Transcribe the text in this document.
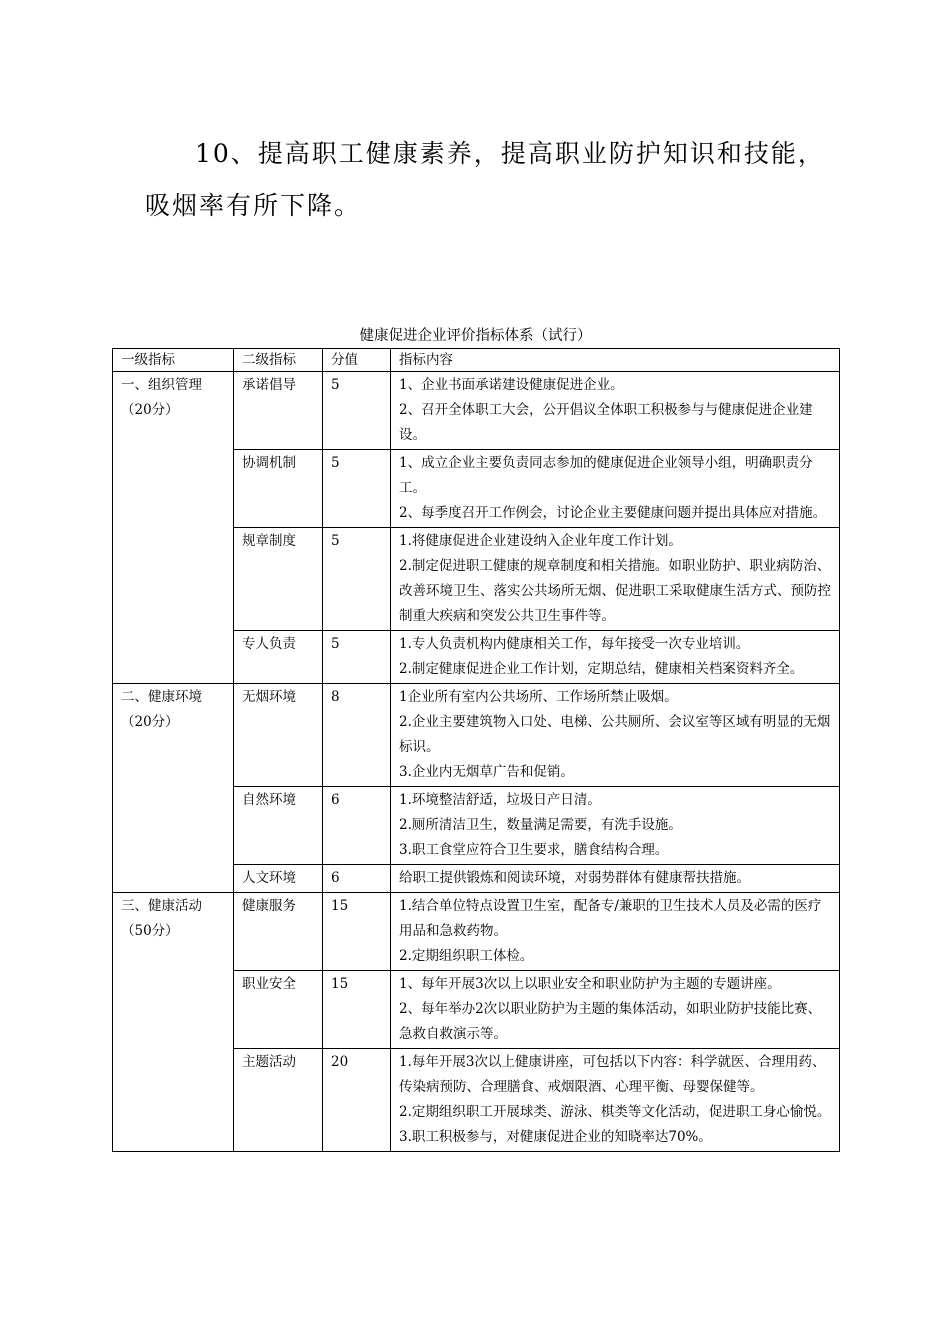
10、提高职工健康素养，提高职业防护知识和技能，吸烟率有所下降。

健康促进企业评价指标体系（试行）

一级指标	二级指标	分值	指标内容
一、组织管理（20分）	承诺倡导	5	1、企业书面承诺建设健康促进企业。
2、召开全体职工大会，公开倡议全体职工积极参与与健康促进企业建设。

	协调机制	5	1、成立企业主要负责同志参加的健康促进企业领导小组，明确职责分工。
2、每季度召开工作例会，讨论企业主要健康问题并提出具体应对措施。

	规章制度	5	1.将健康促进企业建设纳入企业年度工作计划。
2.制定促进职工健康的规章制度和相关措施。如职业防护、职业病防治、改善环境卫生、落实公共场所无烟、促进职工采取健康生活方式、预防控制重大疾病和突发公共卫生事件等。

	专人负责	5	1.专人负责机构内健康相关工作，每年接受一次专业培训。
2.制定健康促进企业工作计划，定期总结，健康相关档案资料齐全。

二、健康环境（20分）	无烟环境	8	1企业所有室内公共场所、工作场所禁止吸烟。
2.企业主要建筑物入口处、电梯、公共厕所、会议室等区域有明显的无烟标识。
3.企业内无烟草广告和促销。

	自然环境	6	1.环境整洁舒适，垃圾日产日清。
2.厕所清洁卫生，数量满足需要，有洗手设施。
3.职工食堂应符合卫生要求，膳食结构合理。

	人文环境	6	给职工提供锻炼和阅读环境，对弱势群体有健康帮扶措施。

三、健康活动（50分）	健康服务	15	1.结合单位特点设置卫生室，配备专/兼职的卫生技术人员及必需的医疗用品和急救药物。
2.定期组织职工体检。

	职业安全	15	1、每年开展3次以上以职业安全和职业防护为主题的专题讲座。
2、每年举办2次以职业防护为主题的集体活动，如职业防护技能比赛、急救自救演示等。

	主题活动	20	1.每年开展3次以上健康讲座，可包括以下内容：科学就医、合理用药、传染病预防、合理膳食、戒烟限酒、心理平衡、母婴保健等。
2.定期组织职工开展球类、游泳、棋类等文化活动，促进职工身心愉悦。
3.职工积极参与，对健康促进企业的知晓率达70%。
